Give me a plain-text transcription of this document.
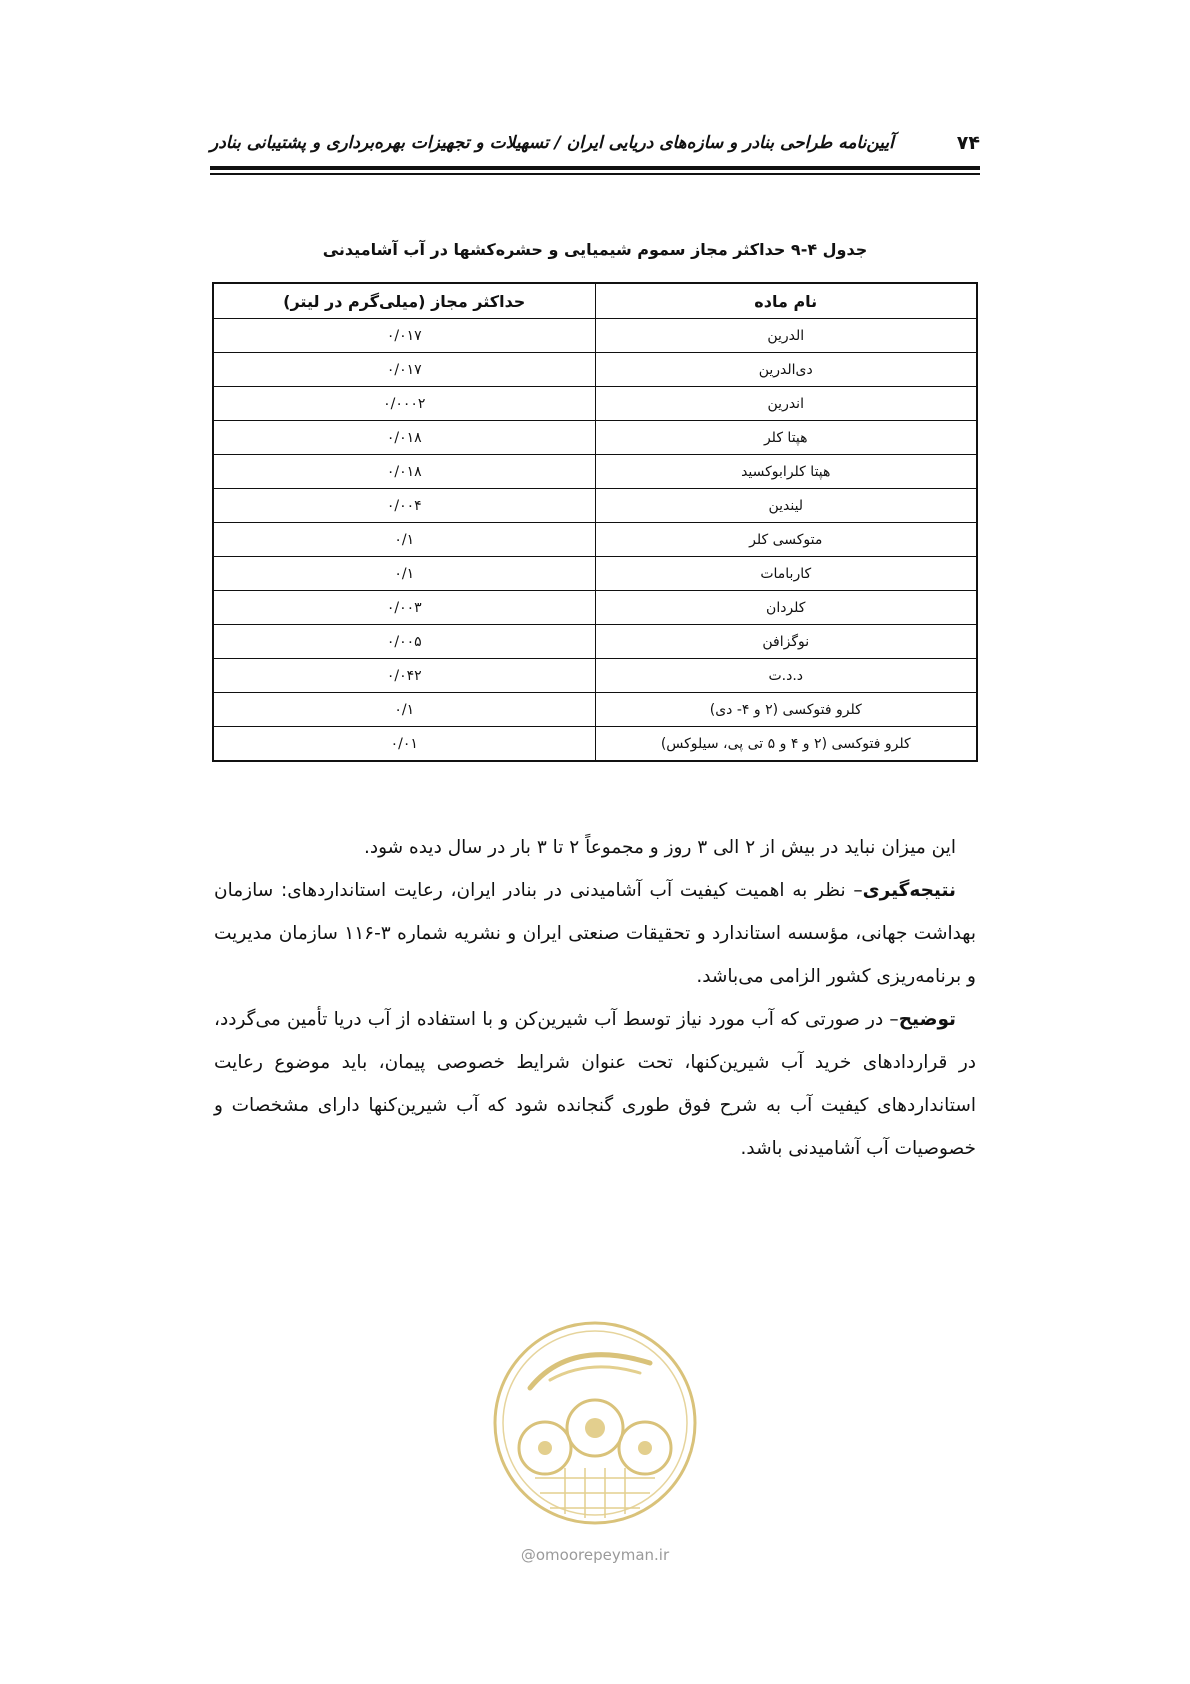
۷۴
آیین‌نامه طراحی بنادر و سازه‌های دریایی ایران / تسهیلات و تجهیزات بهره‌برداری و پشتیبانی بنادر
جدول ۴-۹ حداکثر مجاز سموم شیمیایی و حشره‌کشها در آب آشامیدنی
نام ماده	حداکثر مجاز (میلی‌گرم در لیتر)
الدرین	۰/۰۱۷
دی‌الدرین	۰/۰۱۷
اندرین	۰/۰۰۰۲
هپتا کلر	۰/۰۱۸
هپتا کلرابوکسید	۰/۰۱۸
لیندین	۰/۰۰۴
متوکسی کلر	۰/۱
کاربامات	۰/۱
کلردان	۰/۰۰۳
نوگزافن	۰/۰۰۵
د.د.ت	۰/۰۴۲
کلرو فتوکسی (۲ و ۴- دی)	۰/۱
کلرو فتوکسی (۲ و ۴ و ۵ تی پی، سیلوکس)	۰/۰۱

این میزان نباید در بیش از ۲ الی ۳ روز و مجموعاً ۲ تا ۳ بار در سال دیده شود.

نتیجه‌گیری– نظر به اهمیت کیفیت آب آشامیدنی در بنادر ایران، رعایت استانداردهای: سازمان بهداشت جهانی، مؤسسه استاندارد و تحقیقات صنعتی ایران و نشریه شماره ۳-۱۱۶ سازمان مدیریت و برنامه‌ریزی کشور الزامی می‌باشد.

توضیح– در صورتی که آب مورد نیاز توسط آب شیرین‌کن و با استفاده از آب دریا تأمین می‌گردد، در قراردادهای خرید آب شیرین‌کنها، تحت عنوان شرایط خصوصی پیمان، باید موضوع رعایت استانداردهای کیفیت آب به شرح فوق طوری گنجانده شود که آب شیرین‌کنها دارای مشخصات و خصوصیات آب آشامیدنی باشد.

@omoorepeyman.ir
